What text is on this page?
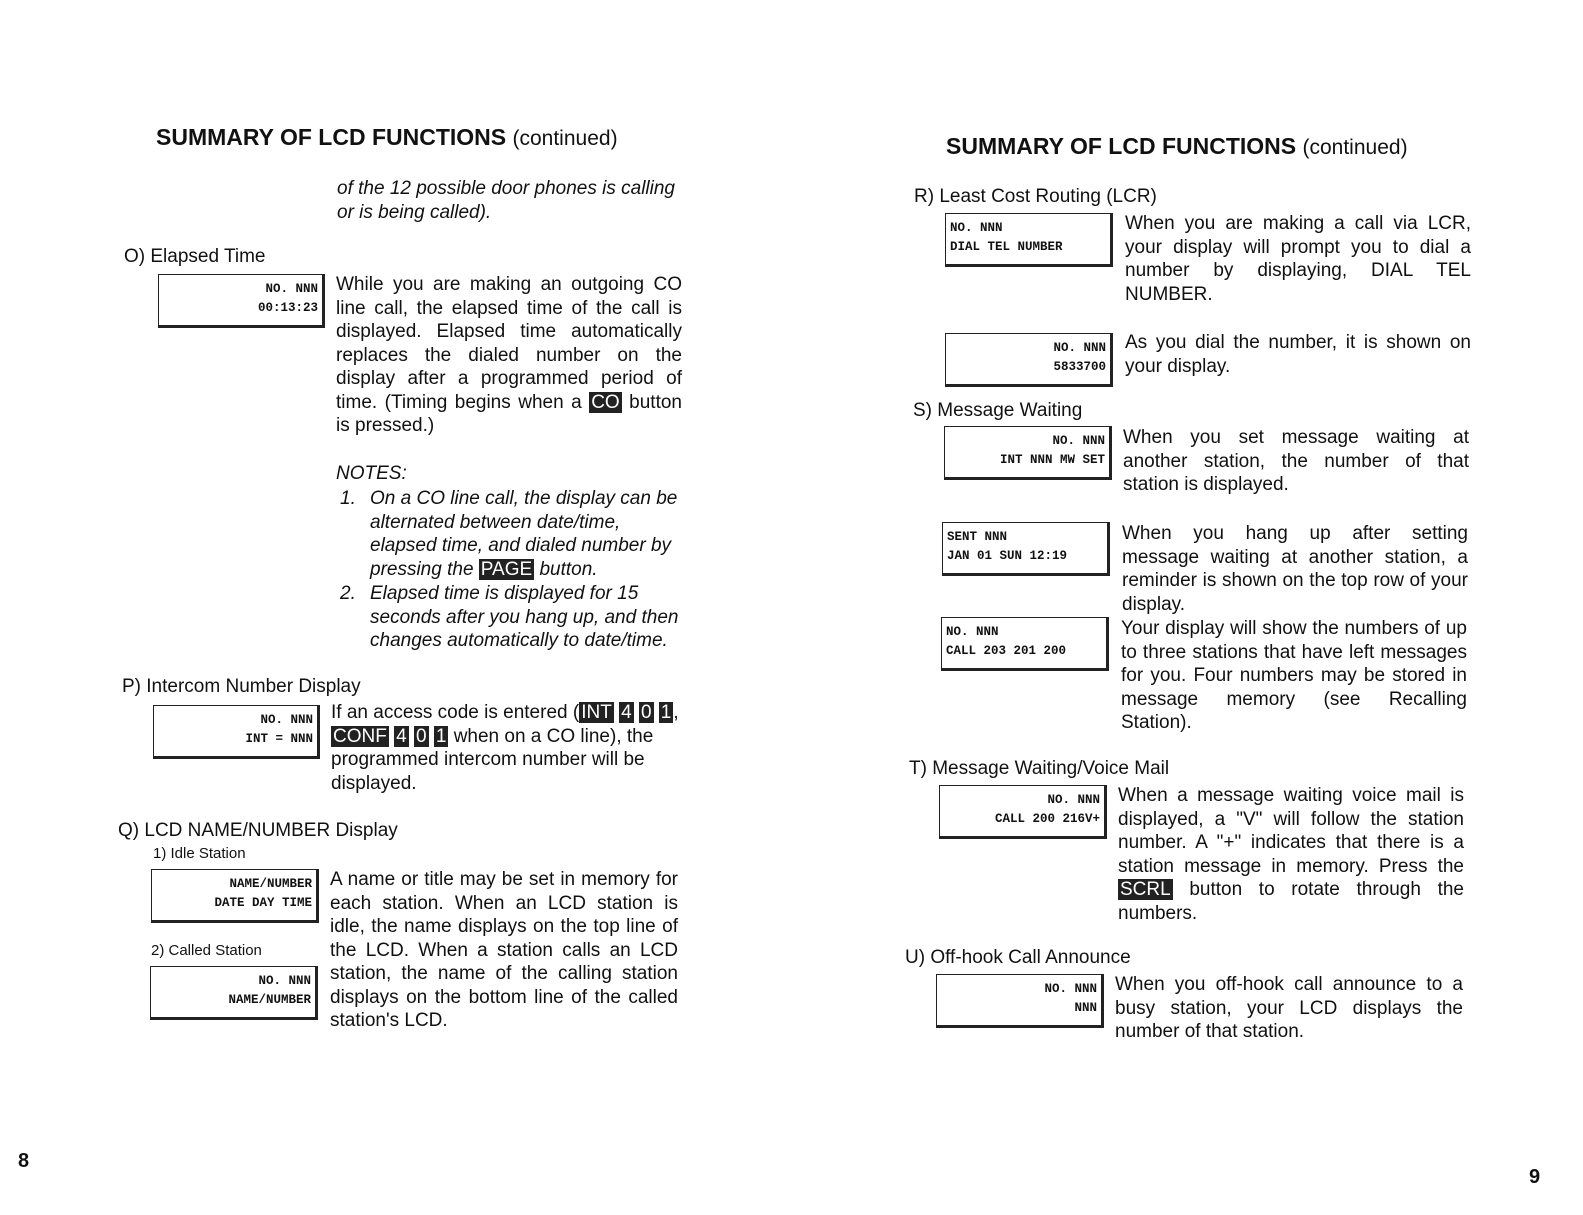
SUMMARY OF LCD FUNCTIONS (continued)
of the 12 possible door phones is calling or is being called).
O) Elapsed Time
NO. NNN
00:13:23
While you are making an outgoing CO line call, the elapsed time of the call is displayed. Elapsed time automatically replaces the dialed number on the display after a programmed period of time. (Timing begins when a CO button is pressed.)
NOTES:
1. On a CO line call, the display can be alternated between date/time, elapsed time, and dialed number by pressing the PAGE button.
2. Elapsed time is displayed for 15 seconds after you hang up, and then changes automatically to date/time.
P) Intercom Number Display
NO. NNN
INT = NNN
If an access code is entered ( INT 4 0 1 , CONF 4 0 1 when on a CO line), the programmed intercom number will be displayed.
Q) LCD NAME/NUMBER Display
1) Idle Station
NAME/NUMBER
DATE DAY TIME
2) Called Station
NO. NNN
NAME/NUMBER
A name or title may be set in memory for each station. When an LCD station is idle, the name displays on the top line of the LCD. When a station calls an LCD station, the name of the calling station displays on the bottom line of the called station's LCD.
8
SUMMARY OF LCD FUNCTIONS (continued)
R) Least Cost Routing (LCR)
NO. NNN
DIAL TEL NUMBER
When you are making a call via LCR, your display will prompt you to dial a number by displaying, DIAL TEL NUMBER.
NO. NNN
5833700
As you dial the number, it is shown on your display.
S) Message Waiting
NO. NNN
INT NNN MW SET
When you set message waiting at another station, the number of that station is displayed.
SENT NNN
JAN 01 SUN 12:19
When you hang up after setting message waiting at another station, a reminder is shown on the top row of your display.
NO. NNN
CALL 203 201 200
Your display will show the numbers of up to three stations that have left messages for you. Four numbers may be stored in message memory (see Recalling Station).
T) Message Waiting/Voice Mail
NO. NNN
CALL 200 216V+
When a message waiting voice mail is displayed, a "V" will follow the station number. A "+" indicates that there is a station message in memory. Press the SCRL button to rotate through the numbers.
U) Off-hook Call Announce
NO. NNN
NNN
When you off-hook call announce to a busy station, your LCD displays the number of that station.
9
